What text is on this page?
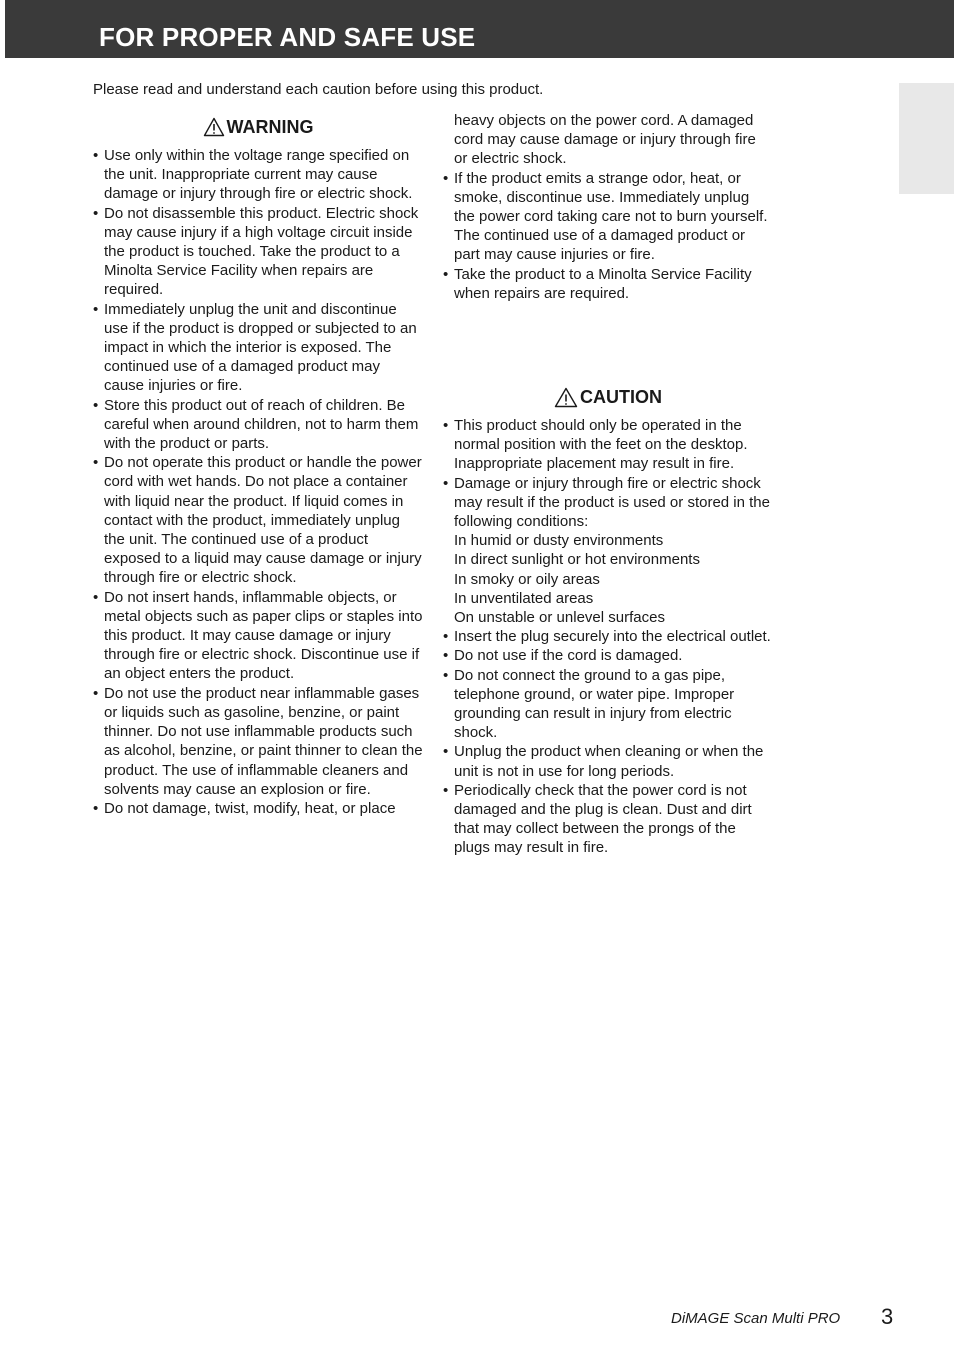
FOR PROPER AND SAFE USE
Please read and understand each caution before using this product.
WARNING
• Use only within the voltage range specified on the unit. Inappropriate current may cause damage or injury through fire or electric shock.
• Do not disassemble this product. Electric shock may cause injury if a high voltage circuit inside the product is touched. Take the product to a Minolta Service Facility when repairs are required.
• Immediately unplug the unit and discontinue use if the product is dropped or subjected to an impact in which the interior is exposed. The continued use of a damaged product may cause injuries or fire.
• Store this product out of reach of children. Be careful when around children, not to harm them with the product or parts.
• Do not operate this product or handle the power cord with wet hands. Do not place a container with liquid near the product. If liquid comes in contact with the product, immediately unplug the unit. The continued use of a product exposed to a liquid may cause damage or injury through fire or electric shock.
• Do not insert hands, inflammable objects, or metal objects such as paper clips or staples into this product. It may cause damage or injury through fire or electric shock. Discontinue use if an object enters the product.
• Do not use the product near inflammable gases or liquids such as gasoline, benzine, or paint thinner. Do not use inflammable products such as alcohol, benzine, or paint thinner to clean the product. The use of inflammable cleaners and solvents may cause an explosion or fire.
• Do not damage, twist, modify, heat, or place
heavy objects on the power cord. A damaged cord may cause damage or injury through fire or electric shock.
• If the product emits a strange odor, heat, or smoke, discontinue use. Immediately unplug the power cord taking care not to burn yourself. The continued use of a damaged product or part may cause injuries or fire.
• Take the product to a Minolta Service Facility when repairs are required.
CAUTION
• This product should only be operated in the normal position with the feet on the desktop. Inappropriate placement may result in fire.
• Damage or injury through fire or electric shock may result if the product is used or stored in the following conditions:
In humid or dusty environments
In direct sunlight or hot environments
In smoky or oily areas
In unventilated areas
On unstable or unlevel surfaces
• Insert the plug securely into the electrical outlet.
• Do not use if the cord is damaged.
• Do not connect the ground to a gas pipe, telephone ground, or water pipe. Improper grounding can result in injury from electric shock.
• Unplug the product when cleaning or when the unit is not in use for long periods.
• Periodically check that the power cord is not damaged and the plug is clean. Dust and dirt that may collect between the prongs of the plugs may result in fire.
DiMAGE Scan Multi PRO 3
